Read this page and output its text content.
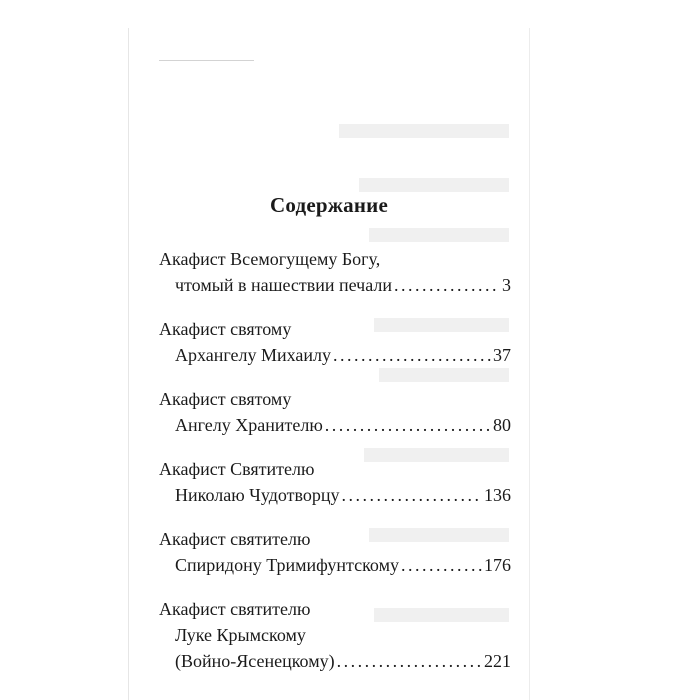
Содержание
Акафист Всемогущему Богу,
чтомый в нашествии печали . . .	3
Акафист святому
Архангелу Михаилу . . .	37
Акафист святому
Ангелу Хранителю . . .	80
Акафист Святителю
Николаю Чудотворцу . . .	136
Акафист святителю
Спиридону Тримифунтскому . . .	176
Акафист святителю
Луке Крымскому
(Войно-Ясенецкому) . . .	221
